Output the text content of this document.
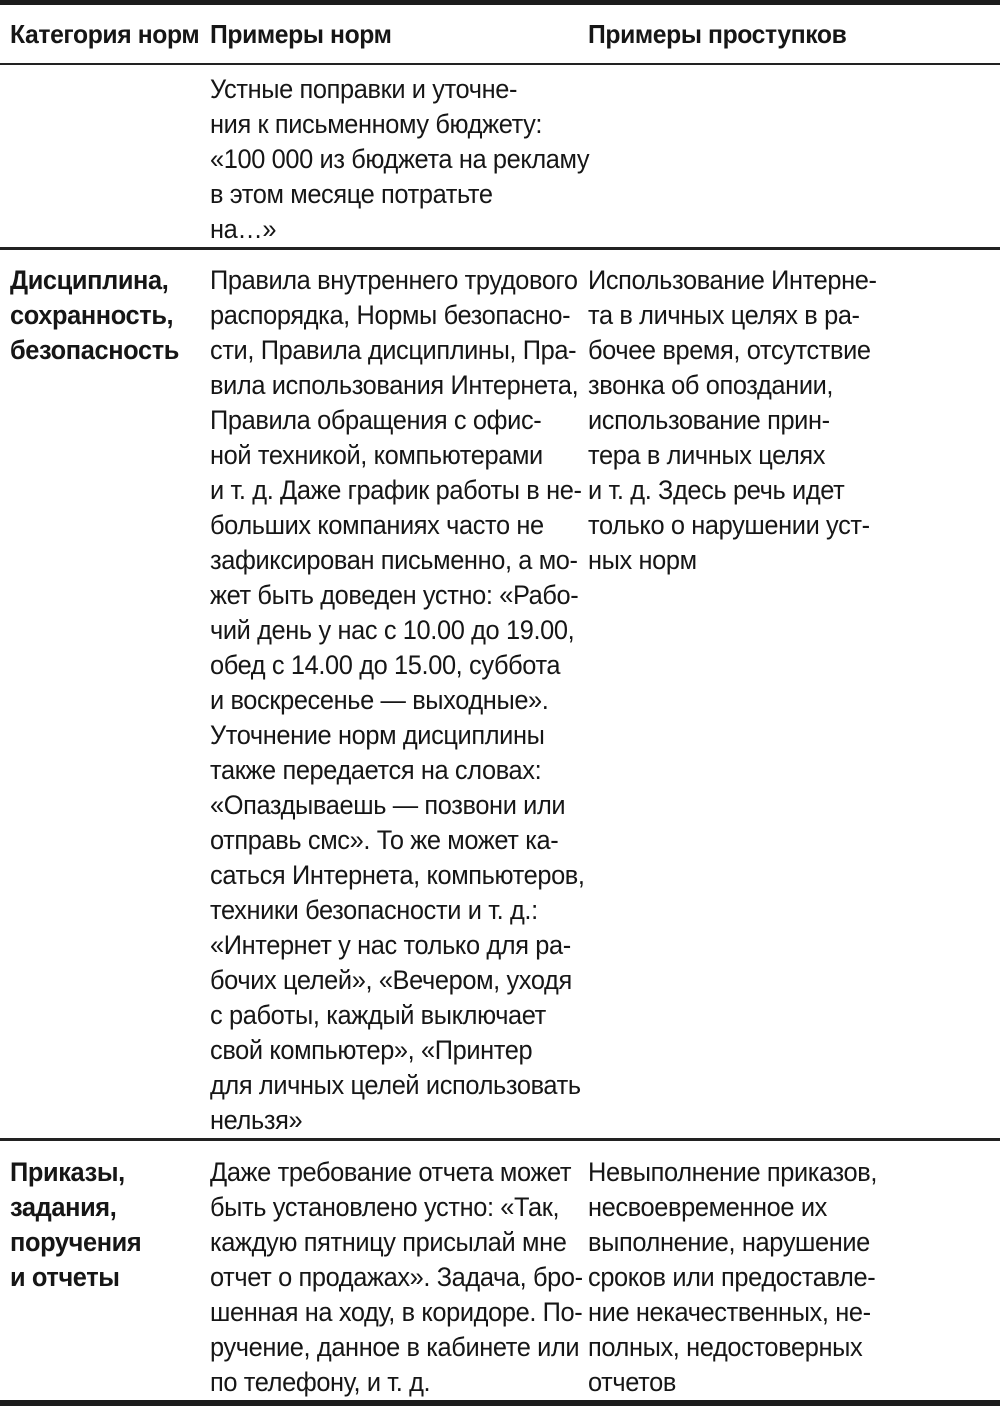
Категория норм Примеры норм	Примеры проступков
Устные поправки и уточне-
ния к письменному бюджету:
«100 000 из бюджета на рекламу
в этом месяце потратьте
на…»
Дисциплина,
сохранность,
безопасность
Правила внутреннего трудового
распорядка, Нормы безопасно-
сти, Правила дисциплины, Пра-
вила использования Интернета,
Правила обращения с офис-
ной техникой, компьютерами
и т. д. Даже график работы в не-
больших компаниях часто не
зафиксирован письменно, а мо-
жет быть доведен устно: «Рабо-
чий день у нас с 10.00 до 19.00,
обед с 14.00 до 15.00, суббота
и воскресенье — выходные».
Уточнение норм дисциплины
также передается на словах:
«Опаздываешь — позвони или
отправь смс». То же может ка-
саться Интернета, компьютеров,
техники безопасности и т. д.:
«Интернет у нас только для ра-
бочих целей», «Вечером, уходя
с работы, каждый выключает
свой компьютер», «Принтер
для личных целей использовать
нельзя»
Использование Интерне-
та в личных целях в ра-
бочее время, отсутствие
звонка об опоздании,
использование прин-
тера в личных целях
и т. д. Здесь речь идет
только о нарушении уст-
ных норм
Приказы,
задания,
поручения
и отчеты
Даже требование отчета может
быть установлено устно: «Так,
каждую пятницу присылай мне
отчет о продажах». Задача, бро-
шенная на ходу, в коридоре. По-
ручение, данное в кабинете или
по телефону, и т. д.
Невыполнение приказов,
несвоевременное их
выполнение, нарушение
сроков или предоставле-
ние некачественных, не-
полных, недостоверных
отчетов
